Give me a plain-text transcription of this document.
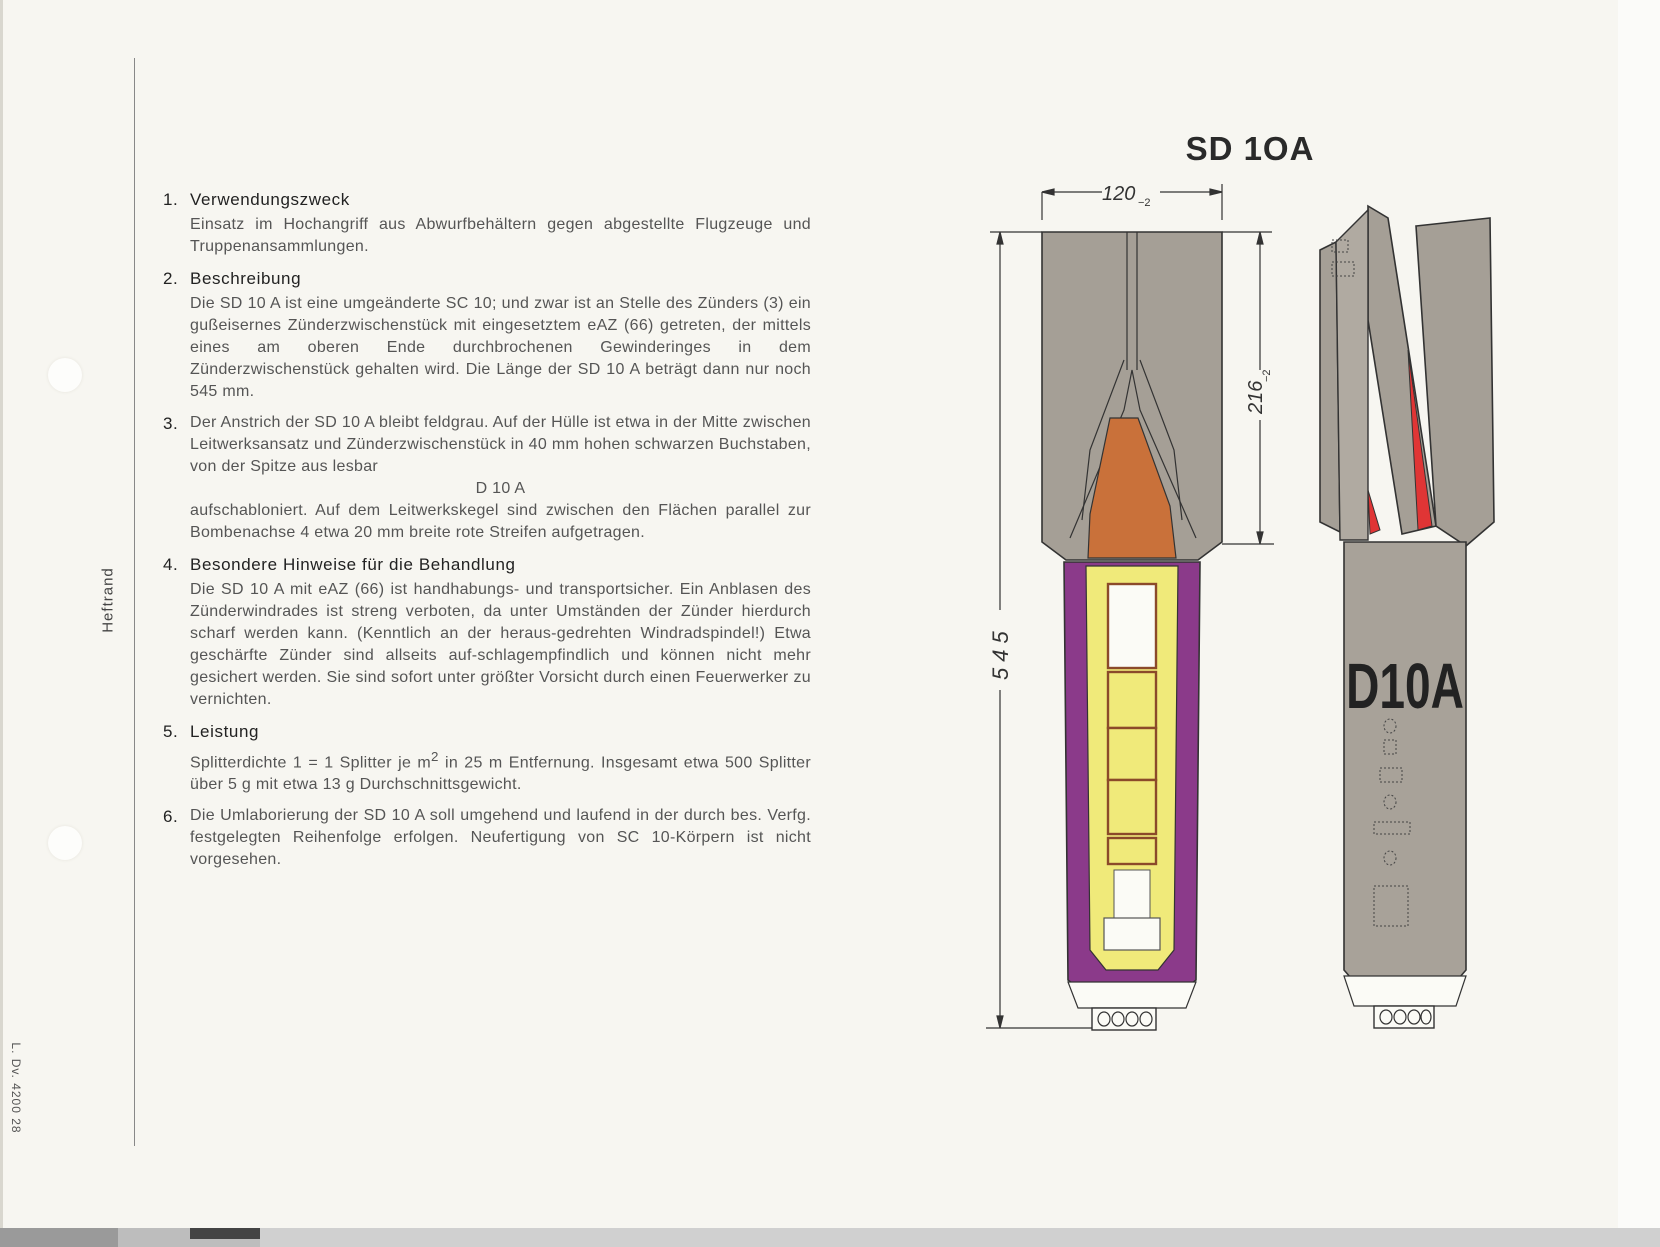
Heftrand
L. Dv. 4200 28
1. Verwendungszweck
Einsatz im Hochangriff aus Abwurfbehältern gegen abgestellte Flugzeuge und Truppenansammlungen.
2. Beschreibung
Die SD 10 A ist eine umgeänderte SC 10; und zwar ist an Stelle des Zünders (3) ein gußeisernes Zünderzwischenstück mit eingesetztem eAZ (66) getreten, der mittels eines am oberen Ende durchbrochenen Gewinderinges in dem Zünderzwischenstück gehalten wird. Die Länge der SD 10 A beträgt dann nur noch 545 mm.
3. Der Anstrich der SD 10 A bleibt feldgrau. Auf der Hülle ist etwa in der Mitte zwischen Leitwerksansatz und Zünderzwischenstück in 40 mm hohen schwarzen Buchstaben, von der Spitze aus lesbar
D 10 A
aufschabloniert. Auf dem Leitwerkskegel sind zwischen den Flächen parallel zur Bombenachse 4 etwa 20 mm breite rote Streifen aufgetragen.
4. Besondere Hinweise für die Behandlung
Die SD 10 A mit eAZ (66) ist handhabungs- und transportsicher. Ein Anblasen des Zünderwindrades ist streng verboten, da unter Umständen der Zünder hierdurch scharf werden kann. (Kenntlich an der heraus-gedrehten Windradspindel!) Etwa geschärfte Zünder sind allseits auf-schlagempfindlich und können nicht mehr gesichert werden. Sie sind sofort unter größter Vorsicht durch einen Feuerwerker zu vernichten.
5. Leistung
Splitterdichte 1 = 1 Splitter je $m^2$ in 25 m Entfernung. Insgesamt etwa 500 Splitter über 5 g mit etwa 13 g Durchschnittsgewicht.
6. Die Umlaborierung der SD 10 A soll umgehend und laufend in der durch bes. Verfg. festgelegten Reihenfolge erfolgen. Neufertigung von SC 10-Körpern ist nicht vorgesehen.
SD 1OA
120 −2
216
−2
545	D10A
